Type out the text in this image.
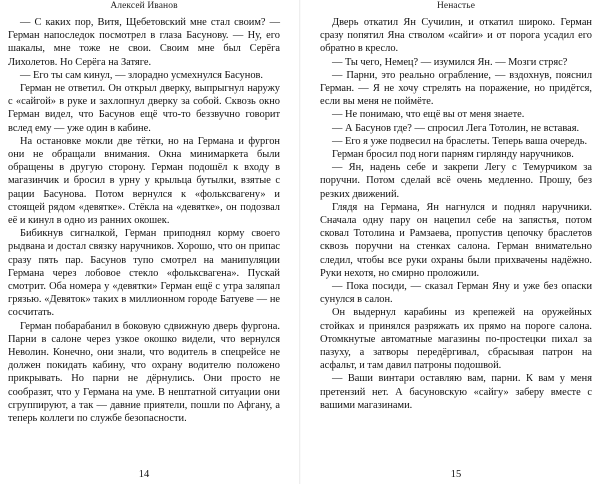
Алексей Иванов

— С каких пор, Витя, Щебетовский мне стал своим? — Герман напоследок посмотрел в глаза Басунову. — Ну, его шакалы, мне тоже не свои. Своим мне был Серёга Лихолетов. Но Серёга на Затяге.

— Его ты сам кинул, — злорадно усмехнулся Басунов.

Герман не ответил. Он открыл дверку, выпрыгнул наружу с «сайгой» в руке и захлопнул дверку за собой. Сквозь окно Герман видел, что Басунов ещё что-то беззвучно говорит вслед ему — уже один в кабине.

На остановке мокли две тётки, но на Германа и фургон они не обращали внимания. Окна минимаркета были обращены в другую сторону. Герман подошёл к входу в магазинчик и бросил в урну у крыльца бутылки, взятые с рации Басунова. Потом вернулся к «фольксвагену» и стоящей рядом «девятке». Стёкла на «девятке», он подозвал её и кинул в одно из ранних окошек.

Бибикнув сигналкой, Герман приподнял корму своего рыдвана и достал связку наручников. Хорошо, что он припас сразу пять пар. Басунов тупо смотрел на манипуляции Германа через лобовое стекло «фольксвагена». Пускай смотрит. Оба номера у «девятки» Герман ещё с утра заляпал грязью. «Девяток» таких в миллионном городе Батуеве — не сосчитать.

Герман побарабанил в боковую сдвижную дверь фургона. Парни в салоне через узкое окошко видели, что вернулся Неволин. Конечно, они знали, что водитель в спецрейсе не должен покидать кабину, что охрану водителю положено прикрывать. Но парни не дёрнулись. Они просто не сообразят, что у Германа на уме. В нештатной ситуации они сгруппируют, а так — давние приятели, пошли по Афгану, а теперь коллеги по службе безопасности.

14
Ненастье

Дверь откатил Ян Сучилин, и откатил широко. Герман сразу попятил Яна стволом «сайги» и от порога усадил его обратно в кресло.

— Ты чего, Немец? — изумился Ян. — Мозги стряс?

— Парни, это реально ограбление, — вздохнув, пояснил Герман. — Я не хочу стрелять на поражение, но придётся, если вы меня не поймёте.

— Не понимаю, что ещё вы от меня знаете.

— А Басунов где? — спросил Лега Тотолин, не вставая.

— Его я уже подвесил на браслеты. Теперь ваша очередь.

Герман бросил под ноги парням гирлянду наручников.

— Ян, надень себе и закрепи Легу с Темурчиком за поручни. Потом сделай всё очень медленно. Прошу, без резких движений.

Глядя на Германа, Ян нагнулся и поднял наручники. Сначала одну пару он нацепил себе на запястья, потом сковал Тотолина и Рамзаева, пропустив цепочку браслетов сквозь поручни на стенках салона. Герман внимательно следил, чтобы все руки охраны были прихвачены надёжно. Руки нехотя, но смирно проложили.

— Пока посиди, — сказал Герман Яну и уже без опаски сунулся в салон.

Он выдернул карабины из крепежей на оружейных стойках и принялся разряжать их прямо на пороге салона. Отомкнутые автоматные магазины по-простецки пихал за пазуху, а затворы передёргивал, сбрасывая патрон на асфальт, и там давил патроны подошвой.

— Ваши винтари оставляю вам, парни. К вам у меня претензий нет. А басуновскую «сайгу» заберу вместе с вашими магазинами.

15
